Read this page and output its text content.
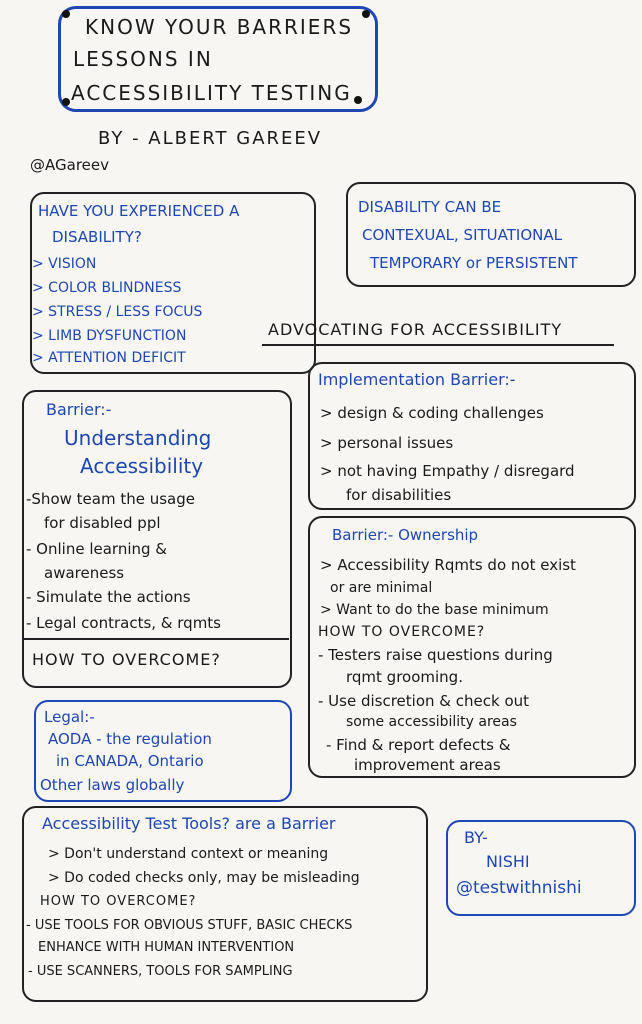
KNOW YOUR BARRIERS
LESSONS IN
ACCESSIBILITY TESTING
BY - ALBERT GAREEV
@AGareev
HAVE YOU EXPERIENCED A
DISABILITY?
> VISION
> COLOR BLINDNESS
> STRESS / LESS FOCUS
> LIMB DYSFUNCTION
> ATTENTION DEFICIT
DISABILITY CAN BE
CONTEXUAL, SITUATIONAL
TEMPORARY or PERSISTENT
ADVOCATING FOR ACCESSIBILITY
Barrier:-
Understanding
Accessibility
-Show team the usage
for disabled ppl
- Online learning &
awareness
- Simulate the actions
- Legal contracts, & rqmts
HOW TO OVERCOME?
Implementation Barrier:-
> design & coding challenges
> personal issues
> not having Empathy / disregard
for disabilities
Barrier:- Ownership
> Accessibility Rqmts do not exist
or are minimal
> Want to do the base minimum
HOW TO OVERCOME?
- Testers raise questions during
rqmt grooming.
- Use discretion & check out
some accessibility areas
- Find & report defects &
improvement areas
Legal:-
AODA - the regulation
in CANADA, Ontario
Other laws globally
Accessibility Test Tools? are a Barrier
> Don't understand context or meaning
> Do coded checks only, may be misleading
HOW TO OVERCOME?
- USE TOOLS FOR OBVIOUS STUFF, BASIC CHECKS
ENHANCE WITH HUMAN INTERVENTION
- USE SCANNERS, TOOLS FOR SAMPLING
BY-
NISHI
@testwithnishi
